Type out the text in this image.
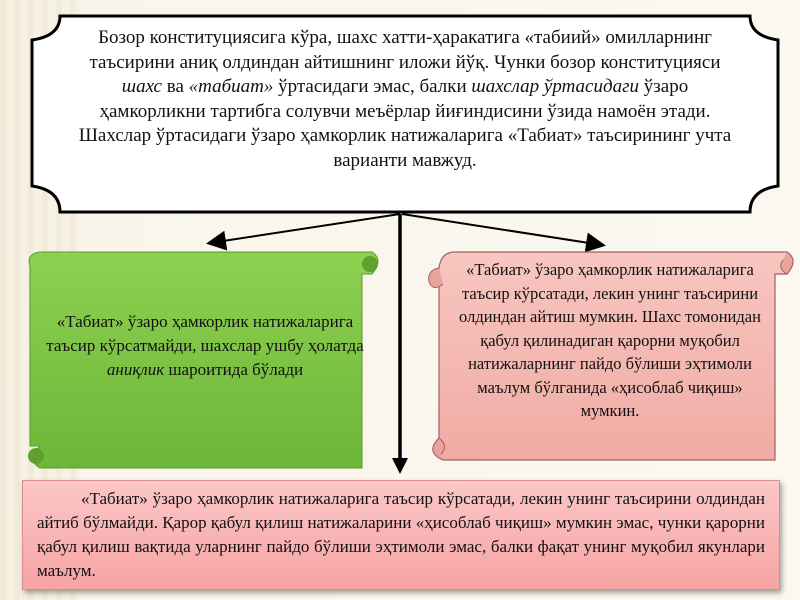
Бозор конституциясига кўра, шахс хатти-ҳаракатига «табиий» омилларнинг таъсирини аниқ олдиндан айтишнинг иложи йўқ. Чунки бозор конституцияси шахс ва «табиат» ўртасидаги эмас, балки шахслар ўртасидаги ўзаро ҳамкорликни тартибга солувчи меъёрлар йиғиндисини ўзида намоён этади. Шахслар ўртасидаги ўзаро ҳамкорлик натижаларига «Табиат» таъсирининг учта варианти мавжуд.
«Табиат» ўзаро ҳамкорлик натижаларига таъсир кўрсатмайди, шахслар ушбу ҳолатда аниқлик шароитида бўлади
«Табиат» ўзаро ҳамкорлик натижаларига таъсир кўрсатади, лекин унинг таъсирини олдиндан айтиш мумкин. Шахс томонидан қабул қилинадиган қарорни муқобил натижаларнинг пайдо бўлиши эҳтимоли маълум бўлганида «ҳисоблаб чиқиш» мумкин.
«Табиат» ўзаро ҳамкорлик натижаларига таъсир кўрсатади, лекин унинг таъсирини олдиндан айтиб бўлмайди. Қарор қабул қилиш натижаларини «ҳисоблаб чиқиш» мумкин эмас, чунки қарорни қабул қилиш вақтида уларнинг пайдо бўлиши эҳтимоли эмас, балки фақат унинг муқобил якунлари маълум.
